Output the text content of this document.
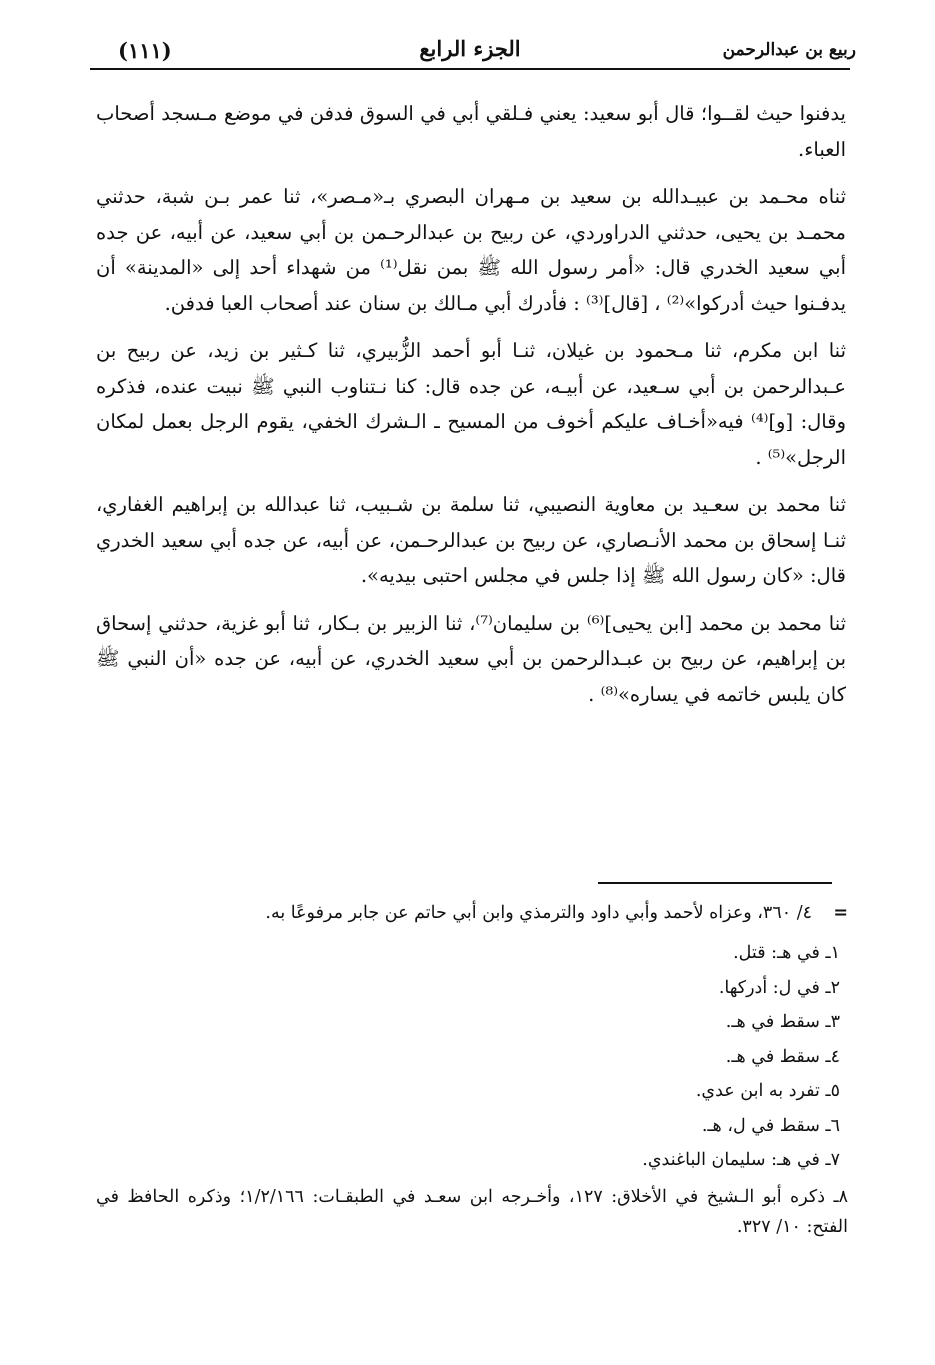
(١١١)	الجزء الرابع	ربيع بن عبدالرحمن

يدفنوا حيث لقــوا؛ قال أبو سعيد: يعني فـلقي أبي في السوق فدفن في موضع مـسجد أصحاب العباء.

ثناه محـمد بن عبيـدالله بن سعيد بن مـهران البصري بـ«مـصر»، ثنا عمر بـن شبة، حدثني محمـد بن يحيى، حدثني الدراوردي، عن ربيح بن عبدالرحـمن بن أبي سعيد، عن أبيه، عن جده أبي سعيد الخدري قال: «أمر رسول الله ﷺ بمن نقل⁽¹⁾ من شهداء أحد إلى «المدينة» أن يدفـنوا حيث أدركوا»⁽²⁾ ، [قال]⁽³⁾ : فأدرك أبي مـالك بن سنان عند أصحاب العبا فدفن.

ثنا ابن مكرم، ثنا مـحمود بن غيلان، ثنـا أبو أحمد الزُّبيري، ثنا كـثير بن زيد، عن ربيح بن عـبدالرحمن بن أبي سـعيد، عن أبيـه، عن جده قال: كنا نـتناوب النبي ﷺ نبيت عنده، فذكره وقال: [و]⁽⁴⁾ فيه«أخـاف عليكم أخوف من المسيح ـ الـشرك الخفي، يقوم الرجل بعمل لمكان الرجل»⁽⁵⁾ .

ثنا محمد بن سعـيد بن معاوية النصيبي، ثنا سلمة بن شـبيب، ثنا عبدالله بن إبراهيم الغفاري، ثنـا إسحاق بن محمد الأنـصاري، عن ربيح بن عبدالرحـمن، عن أبيه، عن جده أبي سعيد الخدري قال: «كان رسول الله ﷺ إذا جلس في مجلس احتبى بيديه».

ثنا محمد بن محمد [ابن يحيى]⁽⁶⁾ بن سليمان⁽⁷⁾، ثنا الزبير بن بـكار، ثنا أبو غزية، حدثني إسحاق بن إبراهيم، عن ربيح بن عبـدالرحمن بن أبي سعيد الخدري، عن أبيه، عن جده «أن النبي ﷺ كان يلبس خاتمه في يساره»⁽⁸⁾ .

=٤/ ٣٦٠، وعزاه لأحمد وأبي داود والترمذي وابن أبي حاتم عن جابر مرفوعًا به.
١ـ في هـ: قتل.
٢ـ في ل: أدركها.
٣ـ سقط في هـ.
٤ـ سقط في هـ.
٥ـ تفرد به ابن عدي.
٦ـ سقط في ل، هـ.
٧ـ في هـ: سليمان الباغندي.
٨ـ ذكره أبو الـشيخ في الأخلاق: ١٢٧، وأخـرجه ابن سعـد في الطبقـات: ١/٢/١٦٦؛ وذكره الحافظ في الفتح: ١٠/ ٣٢٧.
